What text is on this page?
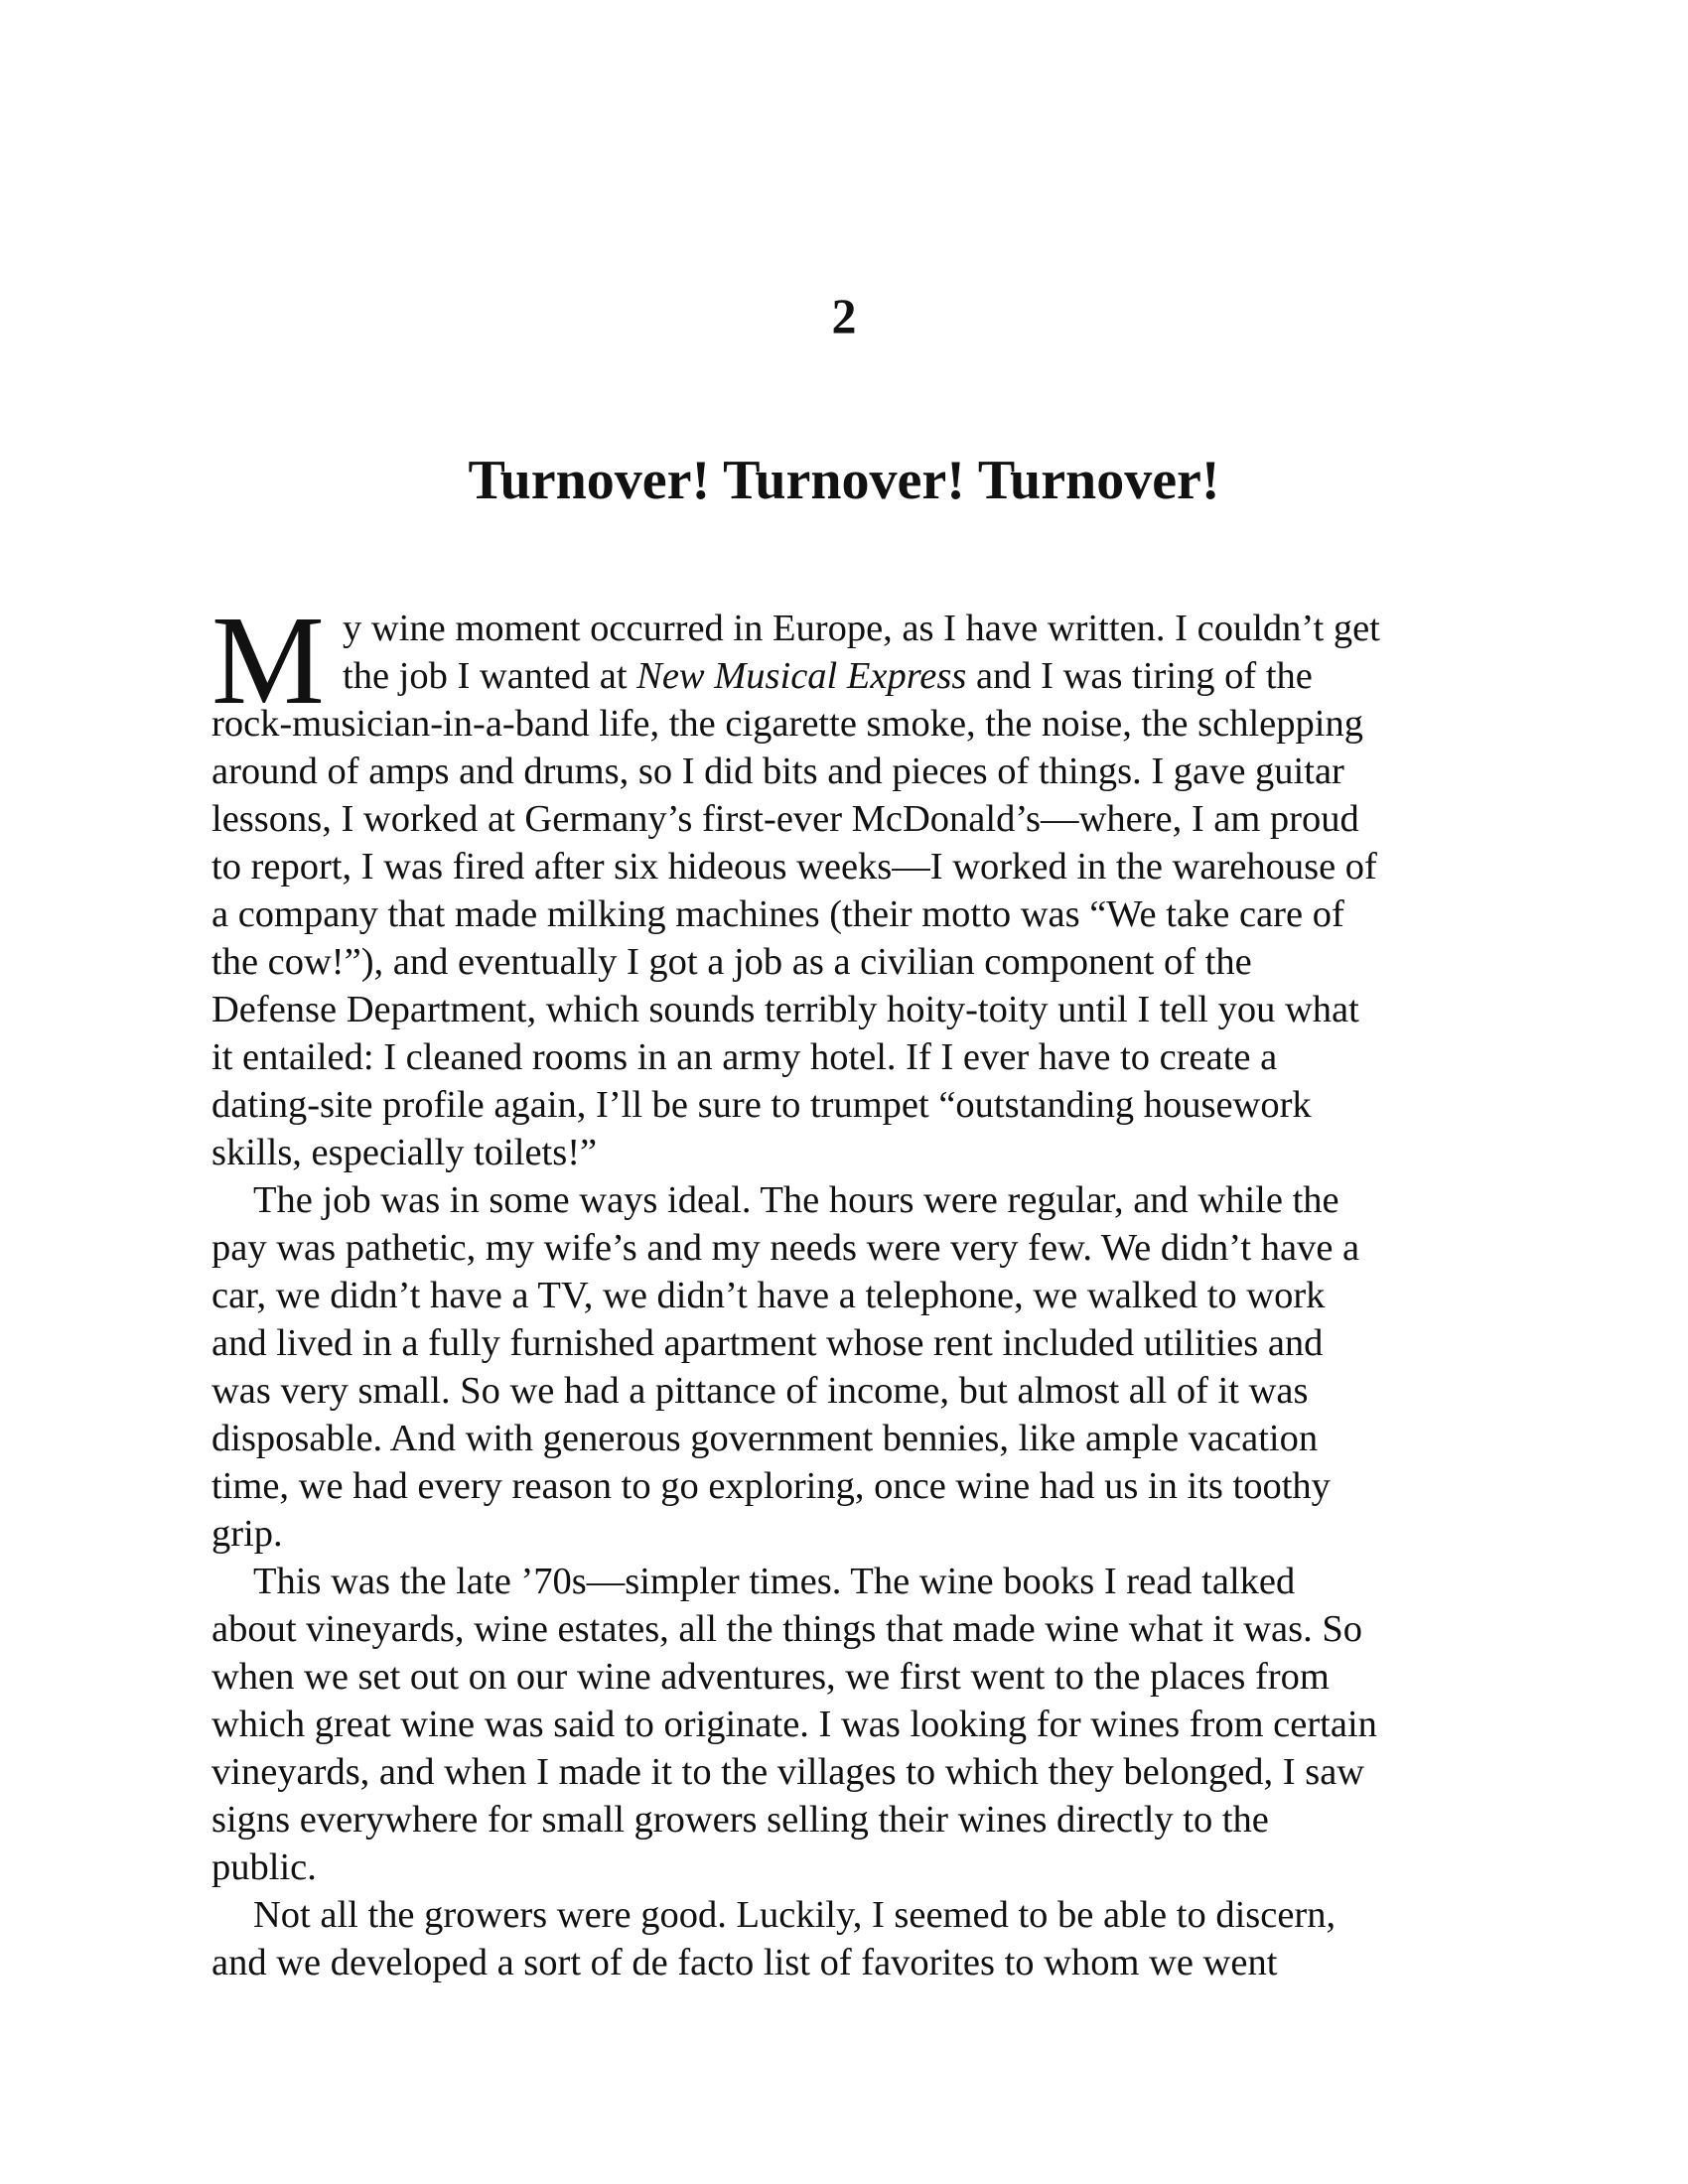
2
Turnover! Turnover! Turnover!
M y wine moment occurred in Europe, as I have written. I couldn’t get
the job I wanted at New Musical Express and I was tiring of the
rock-musician-in-a-band life, the cigarette smoke, the noise, the schlepping
around of amps and drums, so I did bits and pieces of things. I gave guitar
lessons, I worked at Germany’s first-ever McDonald’s—where, I am proud
to report, I was fired after six hideous weeks—I worked in the warehouse of
a company that made milking machines (their motto was “We take care of
the cow!”), and eventually I got a job as a civilian component of the
Defense Department, which sounds terribly hoity-toity until I tell you what
it entailed: I cleaned rooms in an army hotel. If I ever have to create a
dating-site profile again, I’ll be sure to trumpet “outstanding housework
skills, especially toilets!”
The job was in some ways ideal. The hours were regular, and while the
pay was pathetic, my wife’s and my needs were very few. We didn’t have a
car, we didn’t have a TV, we didn’t have a telephone, we walked to work
and lived in a fully furnished apartment whose rent included utilities and
was very small. So we had a pittance of income, but almost all of it was
disposable. And with generous government bennies, like ample vacation
time, we had every reason to go exploring, once wine had us in its toothy
grip.
This was the late ’70s—simpler times. The wine books I read talked
about vineyards, wine estates, all the things that made wine what it was. So
when we set out on our wine adventures, we first went to the places from
which great wine was said to originate. I was looking for wines from certain
vineyards, and when I made it to the villages to which they belonged, I saw
signs everywhere for small growers selling their wines directly to the
public.
Not all the growers were good. Luckily, I seemed to be able to discern,
and we developed a sort of de facto list of favorites to whom we went
